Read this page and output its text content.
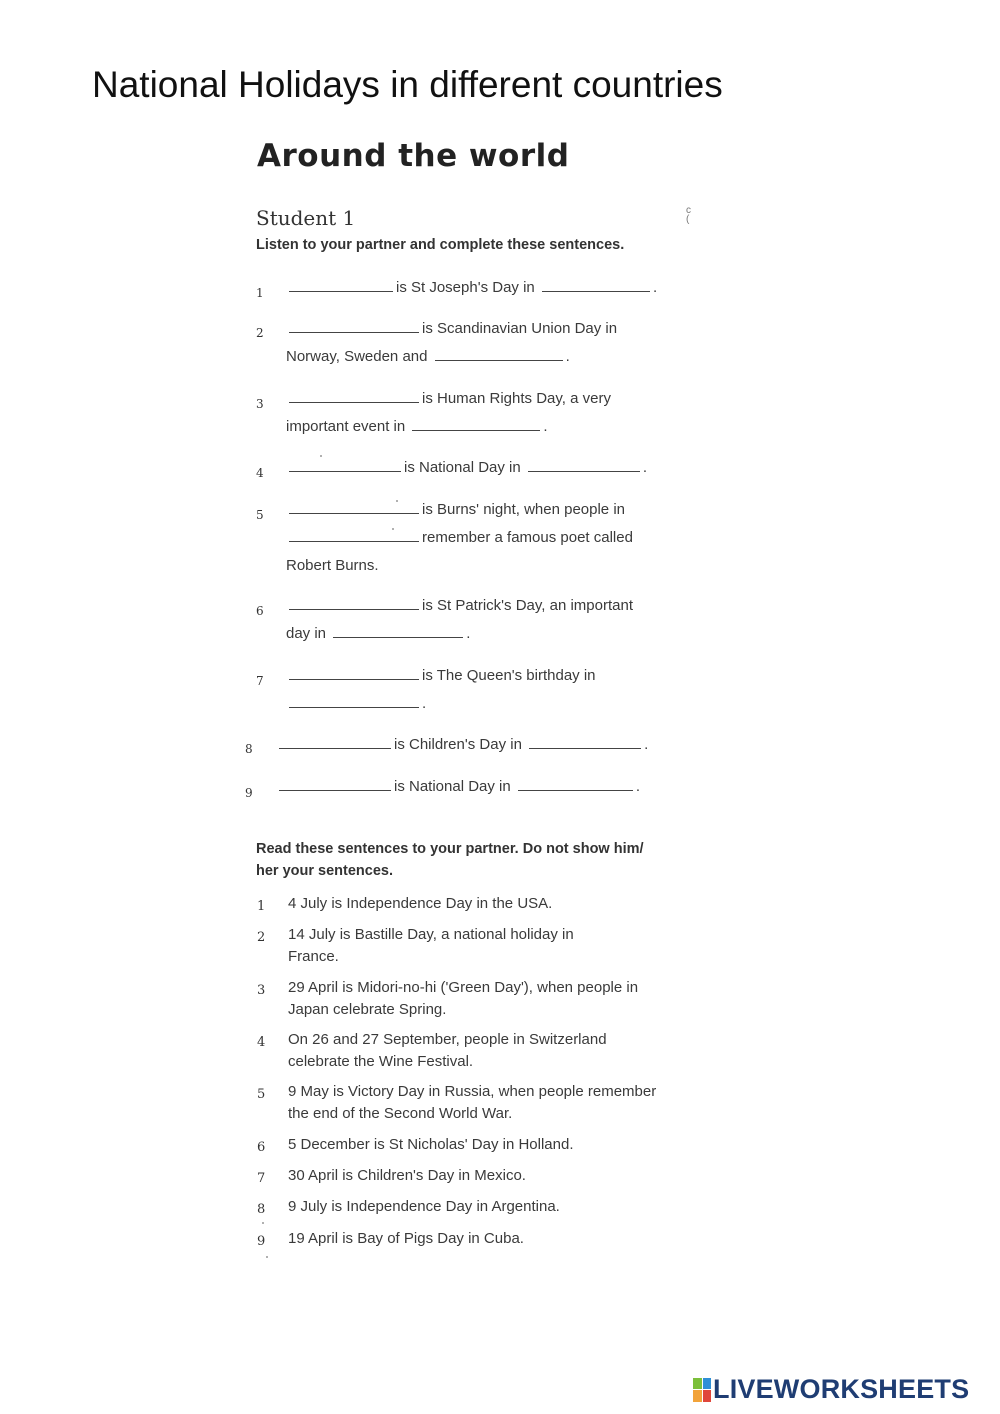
National Holidays in different countries
Around the world
Student 1	c
(
Listen to your partner and complete these sentences.
1	is St Joseph's Day in	.
2	is Scandinavian Union Day in
Norway, Sweden and	.
3	is Human Rights Day, a very
important event in	.
4	is National Day in	.
5	is Burns' night, when people in
remember a famous poet called
Robert Burns.
6	is St Patrick's Day, an important
day in	.
7	is The Queen's birthday in
.
8	is Children's Day in	.
9	is National Day in	.
Read these sentences to your partner. Do not show him/
her your sentences.
1 4 July is Independence Day in the USA.
2 14 July is Bastille Day, a national holiday in
France.
3 29 April is Midori-no-hi ('Green Day'), when people in
Japan celebrate Spring.
4 On 26 and 27 September, people in Switzerland
celebrate the Wine Festival.
5 9 May is Victory Day in Russia, when people remember
the end of the Second World War.
6 5 December is St Nicholas' Day in Holland.
7 30 April is Children's Day in Mexico.
8 9 July is Independence Day in Argentina.
9 19 April is Bay of Pigs Day in Cuba.
LIVEWORKSHEETS
